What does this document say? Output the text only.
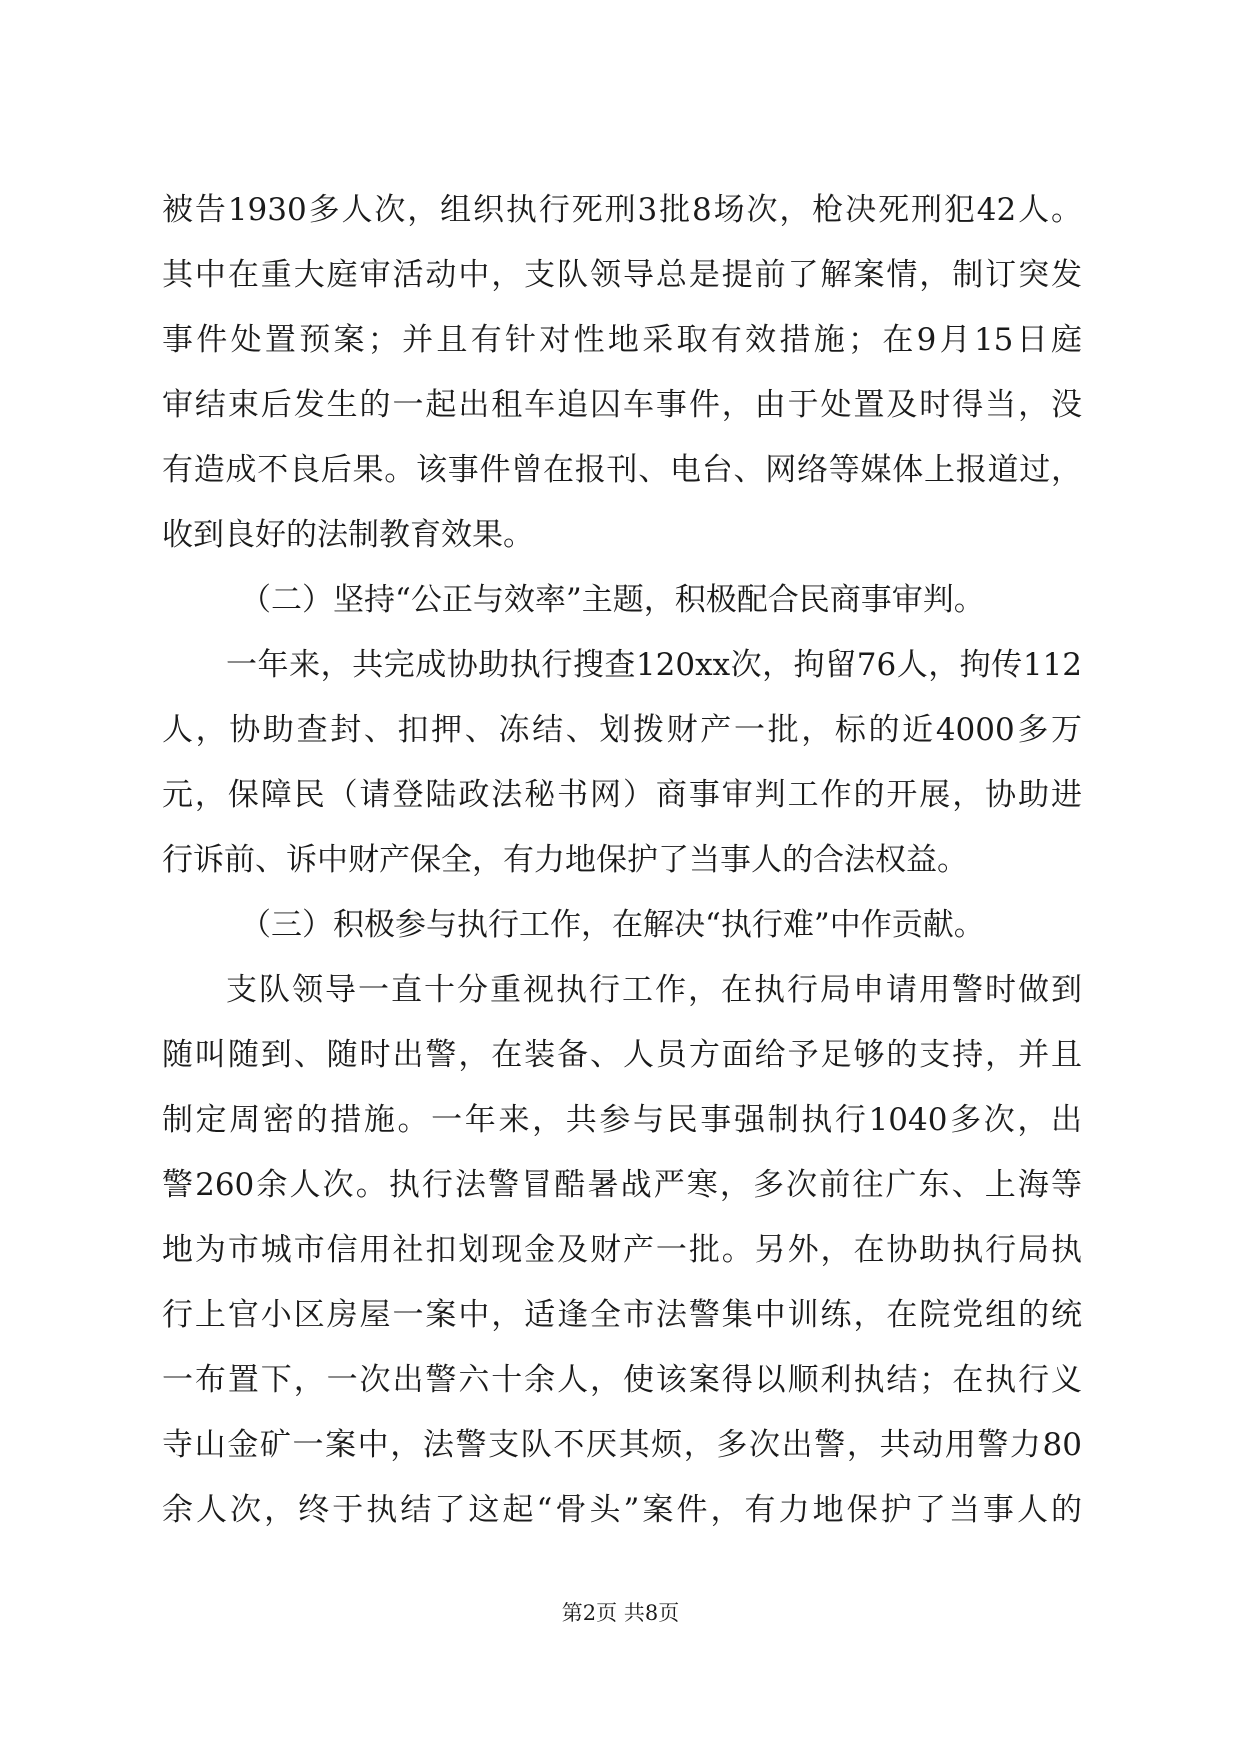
被告1930多人次，组织执行死刑3批8场次，枪决死刑犯42人。
其中在重大庭审活动中，支队领导总是提前了解案情，制订突发
事件处置预案；并且有针对性地采取有效措施；在9月15日庭
审结束后发生的一起出租车追囚车事件，由于处置及时得当，没
有造成不良后果。该事件曾在报刊、电台、网络等媒体上报道过，
收到良好的法制教育效果。
（二）坚持“公正与效率”主题，积极配合民商事审判。
一年来，共完成协助执行搜查120xx次，拘留76人，拘传112
人，协助查封、扣押、冻结、划拨财产一批，标的近4000多万
元，保障民（请登陆政法秘书网）商事审判工作的开展，协助进
行诉前、诉中财产保全，有力地保护了当事人的合法权益。
（三）积极参与执行工作，在解决“执行难”中作贡献。
支队领导一直十分重视执行工作，在执行局申请用警时做到
随叫随到、随时出警，在装备、人员方面给予足够的支持，并且
制定周密的措施。一年来，共参与民事强制执行1040多次，出
警260余人次。执行法警冒酷暑战严寒，多次前往广东、上海等
地为市城市信用社扣划现金及财产一批。另外，在协助执行局执
行上官小区房屋一案中，适逢全市法警集中训练，在院党组的统
一布置下，一次出警六十余人，使该案得以顺利执结；在执行义
寺山金矿一案中，法警支队不厌其烦，多次出警，共动用警力80
余人次，终于执结了这起“骨头”案件，有力地保护了当事人的
第2页 共8页
